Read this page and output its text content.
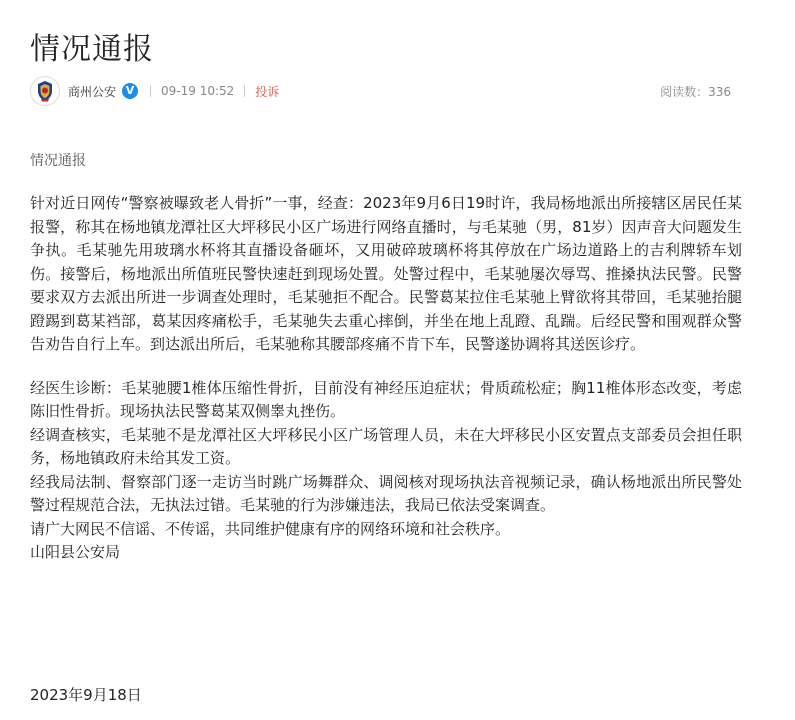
情况通报
商州公安 V	09-19 10:52 投诉	阅读数：336
情况通报

针对近日网传“警察被曝致老人骨折”一事，经查：2023年9月6日19时许，我局杨地派出所接辖区居民任某报警，称其在杨地镇龙潭社区大坪移民小区广场进行网络直播时，与毛某驰（男，81岁）因声音大问题发生争执。毛某驰先用玻璃水杯将其直播设备砸坏，又用破碎玻璃杯将其停放在广场边道路上的吉利牌轿车划伤。接警后，杨地派出所值班民警快速赶到现场处置。处警过程中，毛某驰屡次辱骂、推搡执法民警。民警要求双方去派出所进一步调查处理时，毛某驰拒不配合。民警葛某拉住毛某驰上臂欲将其带回，毛某驰抬腿蹬踢到葛某裆部，葛某因疼痛松手，毛某驰失去重心摔倒，并坐在地上乱蹬、乱踹。后经民警和围观群众警告劝告自行上车。到达派出所后，毛某驰称其腰部疼痛不肯下车，民警遂协调将其送医诊疗。

经医生诊断：毛某驰腰1椎体压缩性骨折，目前没有神经压迫症状；骨质疏松症；胸11椎体形态改变，考虑陈旧性骨折。现场执法民警葛某双侧睾丸挫伤。

经调查核实，毛某驰不是龙潭社区大坪移民小区广场管理人员，未在大坪移民小区安置点支部委员会担任职务，杨地镇政府未给其发工资。

经我局法制、督察部门逐一走访当时跳广场舞群众、调阅核对现场执法音视频记录，确认杨地派出所民警处警过程规范合法，无执法过错。毛某驰的行为涉嫌违法，我局已依法受案调查。

请广大网民不信谣、不传谣，共同维护健康有序的网络环境和社会秩序。

山阳县公安局

2023年9月18日
